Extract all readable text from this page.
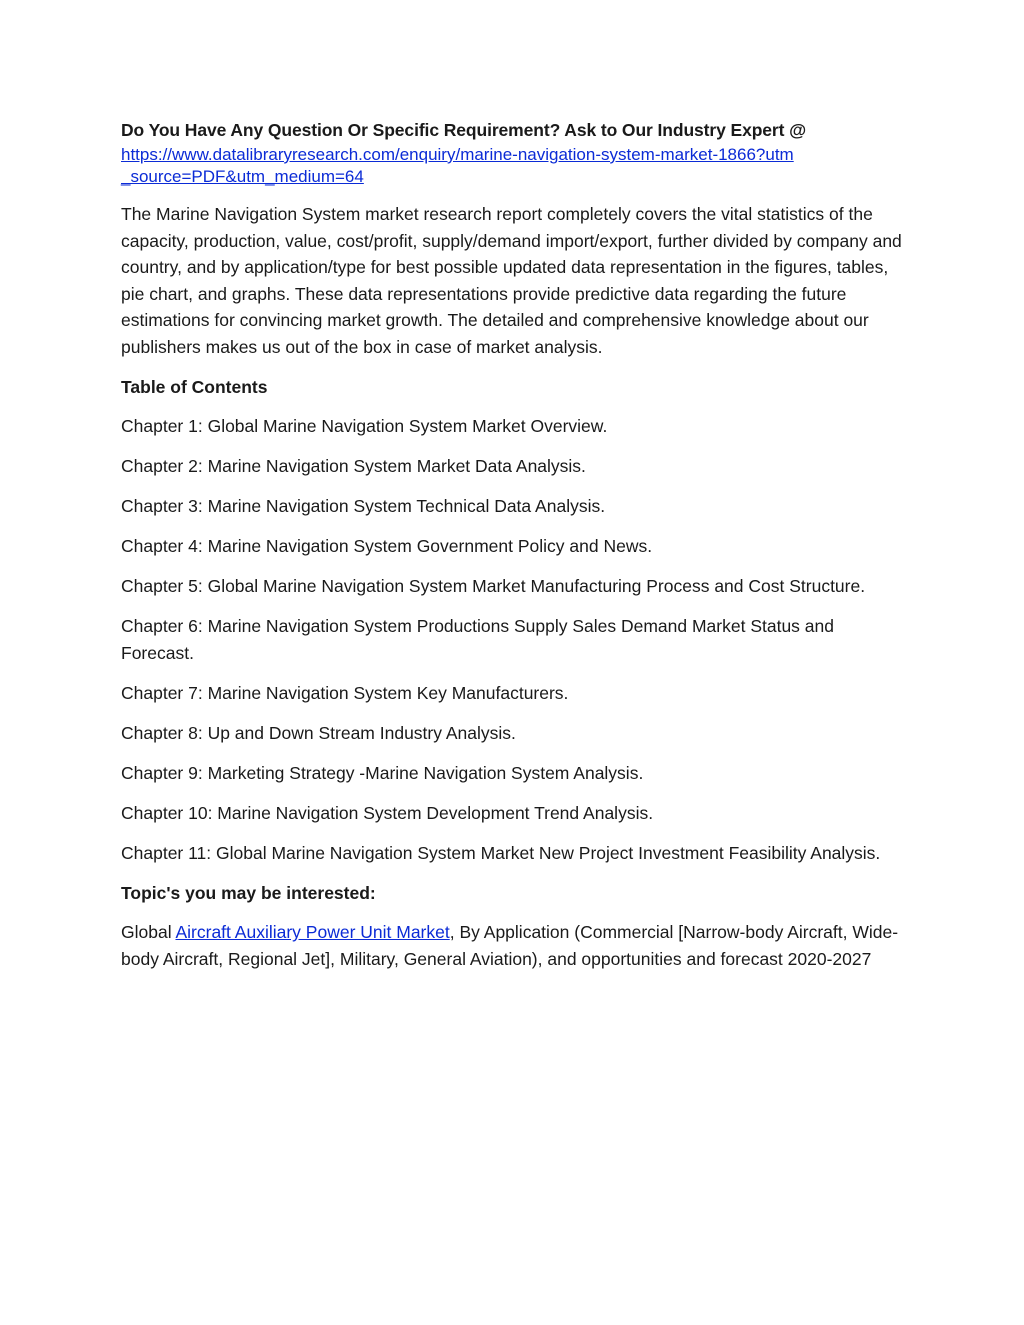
Do You Have Any Question Or Specific Requirement? Ask to Our Industry Expert @

https://www.datalibraryresearch.com/enquiry/marine-navigation-system-market-1866?utm_source=PDF&utm_medium=64

The Marine Navigation System market research report completely covers the vital statistics of the capacity, production, value, cost/profit, supply/demand import/export, further divided by company and country, and by application/type for best possible updated data representation in the figures, tables, pie chart, and graphs. These data representations provide predictive data regarding the future estimations for convincing market growth. The detailed and comprehensive knowledge about our publishers makes us out of the box in case of market analysis.

Table of Contents

Chapter 1: Global Marine Navigation System Market Overview.

Chapter 2: Marine Navigation System Market Data Analysis.

Chapter 3: Marine Navigation System Technical Data Analysis.

Chapter 4: Marine Navigation System Government Policy and News.

Chapter 5: Global Marine Navigation System Market Manufacturing Process and Cost Structure.

Chapter 6: Marine Navigation System Productions Supply Sales Demand Market Status and Forecast.

Chapter 7: Marine Navigation System Key Manufacturers.

Chapter 8: Up and Down Stream Industry Analysis.

Chapter 9: Marketing Strategy -Marine Navigation System Analysis.

Chapter 10: Marine Navigation System Development Trend Analysis.

Chapter 11: Global Marine Navigation System Market New Project Investment Feasibility Analysis.

Topic's you may be interested:

Global Aircraft Auxiliary Power Unit Market, By Application (Commercial [Narrow-body Aircraft, Wide-body Aircraft, Regional Jet], Military, General Aviation), and opportunities and forecast 2020-2027
